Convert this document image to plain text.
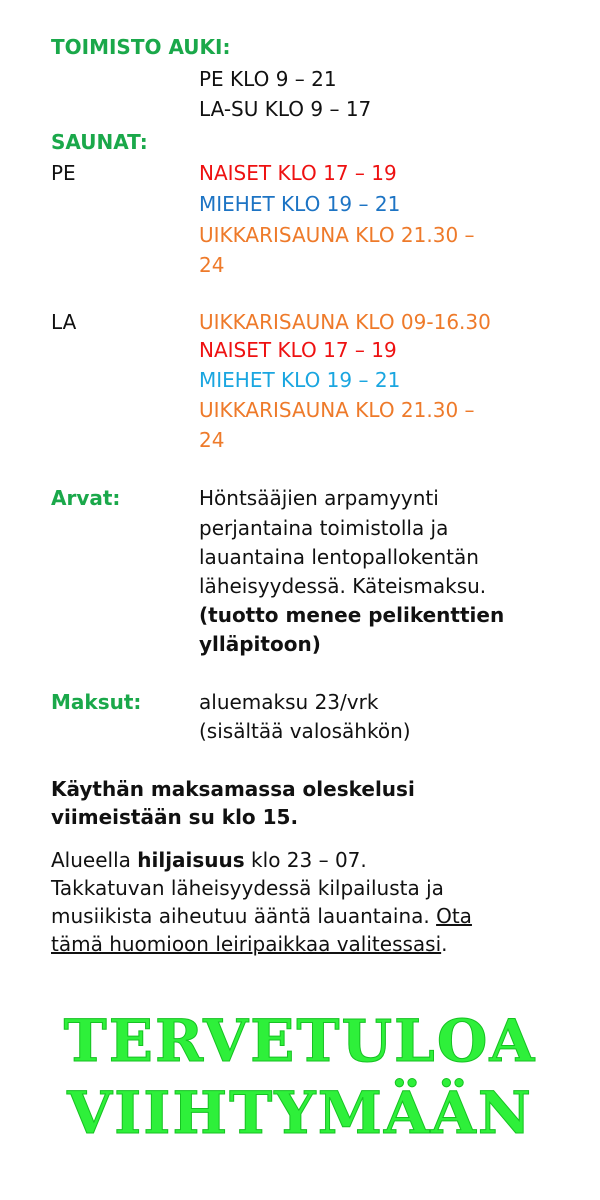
TOIMISTO AUKI:
PE KLO 9 – 21
LA-SU KLO 9 – 17
SAUNAT:
PE	NAISET KLO 17 – 19
MIEHET KLO 19 – 21
UIKKARISAUNA KLO 21.30 –
24
LA	UIKKARISAUNA KLO 09-16.30
NAISET KLO 17 – 19
MIEHET KLO 19 – 21
UIKKARISAUNA KLO 21.30 –
24
Arvat:	Höntsääjien arpamyynti
perjantaina toimistolla ja
lauantaina lentopallokentän
läheisyydessä. Käteismaksu.
(tuotto menee pelikenttien
ylläpitoon)
Maksut:	aluemaksu 23/vrk
(sisältää valosähkön)
Käythän maksamassa oleskelusi
viimeistään su klo 15.
Alueella hiljaisuus klo 23 – 07.
Takkatuvan läheisyydessä kilpailusta ja
musiikista aiheutuu ääntä lauantaina. Ota
tämä huomioon leiripaikkaa valitessasi.
TERVETULOA
VIIHTYMÄÄN
